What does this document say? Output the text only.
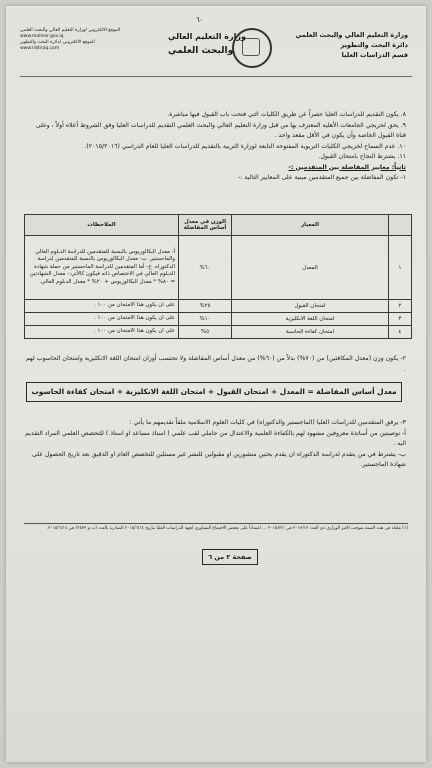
٦٠
وزارة التعليم العالي والبحث العلمي
دائرة البحث والتطوير
قسم الدراسات العليا
وزارة التعليم العالي
والبحث العلمي
الموقع الالكتروني لوزارة التعليم العالي والبحث العلمي
www.mohesr.gov.iq
الموقع الالكتروني لدائرة البحث والتطوير
www.rddiraq.com
٨. يكون التقديم للدراسات العليا حصراً عن طريق الكليات التي فتحت باب القبول فيها مباشرة.
٩. يحق لخريجي الجامعات الأهلية المعترف بها من قبل وزارة التعليم العالي والبحث العلمي التقديم للدراسات العليا وفق الشروط أعلاه أولاً ، وعلى قناة القبول الخاصة وأن يكون في الأقل مقعد واحد .
١٠. عدم السماح لخريجي الكليات التربوية المفتوحة التابعة لوزارة التربية بالتقديم للدراسات العليا للعام الدراسي (٢٠١٥/٢٠١٦).
١١. يشترط النجاح بامتحان القبول.
ثانياً: معايير المفاضلة بين المتقدمين :-
١- تكون المفاضلة بين جميع المتقدمين مبنية على المعايير التالية :-
	المعيار	الوزن في معدل أساس المفاضلة	الملاحظات
١	المعدل	٦٠%	أ- معدل البكالوريوس بالنسبة للمتقدمين للدراسة الدبلوم العالي والماجستير. ب- معدل البكالوريوس بالنسبة للمتقدمين لدراسة الدكتوراه. ج- أما المتقدمين للدراسة الماجستير من حملة شهادة الدبلوم العالي في الاختصاص ذاته فيكون كالآتي:- معدل الشهادتين = ٨٠% * معدل البكالوريوس + ٢٠% * معدل الدبلوم العالي.
٢	امتحان القبول	٢٥%	على ان يكون هذا الامتحان من ١٠٠ .
٣	امتحان اللغة الانكليزية	١٠%	على ان يكون هذا الامتحان من ١٠٠ .
٤	امتحان كفاءة الحاسبة	٥%	على ان يكون هذا الامتحان من ١٠٠ .
٢- يكون وزن (معدل المكافئين) من (٧٠%) بدلاً من (٦٠%) من معدل أساس المفاضلة ولا تحتسب أوزان امتحان اللغة الانكليزية وامتحان الحاسوب لهم .
معدل أساس المفاضلة = المعدل + امتحان القبول + امتحان اللغة الانكليزية + امتحان كفاءة الحاسوب
٣- يرفق المتقدمين للدراسات العليا (الماجستير والدكتوراه) في كليات العلوم الاسلامية ملفاً تقديمهم ما يأتي :
أ- توصيتين من أساتذة معروفين مشهود لهم بالكفاءة العلمية والاعتدال من حاملي لقب علمي ( استاذ مساعد او استاذ ) للتخصص العلمي المراد التقديم اليه .
ب- يشترط في من يتقدم لدراسة الدكتوراه ان يقدم بحثين منشورين او مقبولين للنشر غير مستلين للتخصص العام او الدقيق بعد تاريخ الحصول على شهادة الماجستير.
(١) ملغاة في هذه السنة بموجب الامر الوزاري ذي العدد ٢٠١٣/١٢ في ٢٠١٥/٧/١ ... اعتماداً على محضر الاجتماع التشاوري لجهة الدراسات العليا بتاريخ ٢٠١٥/٦/١٤ الصادرة بالعدد (ت و ٢٤٣٢) في ٢٠١٥/٦/١٤.
صفحة ٢ من ٦
